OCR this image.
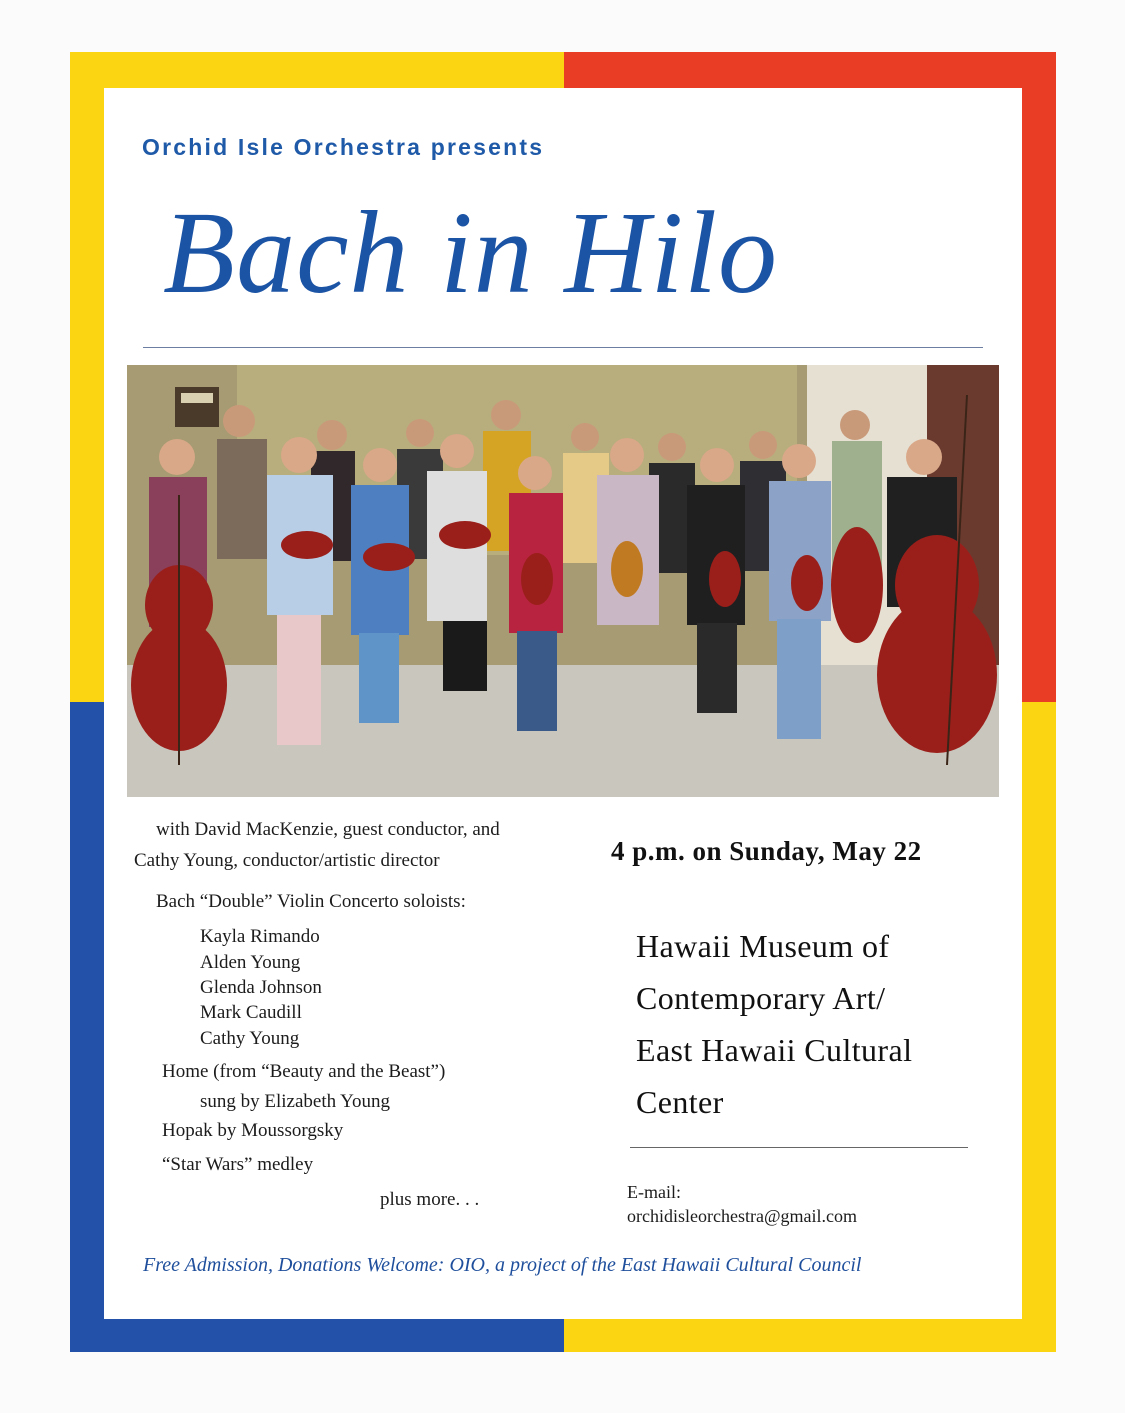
Orchid Isle Orchestra presents
Bach in Hilo
with David MacKenzie, guest conductor, and
Cathy Young, conductor/artistic director
Bach “Double” Violin Concerto soloists:
Kayla Rimando
Alden Young
Glenda Johnson
Mark Caudill
Cathy Young
Home (from “Beauty and the Beast”)
sung by Elizabeth Young
Hopak by Moussorgsky
“Star Wars” medley
plus more. . .
4 p.m. on Sunday, May 22
Hawaii Museum of
Contemporary Art/
East Hawaii Cultural
Center
E-mail:
orchidisleorchestra@gmail.com
Free Admission, Donations Welcome: OIO, a project of the East Hawaii Cultural Council
